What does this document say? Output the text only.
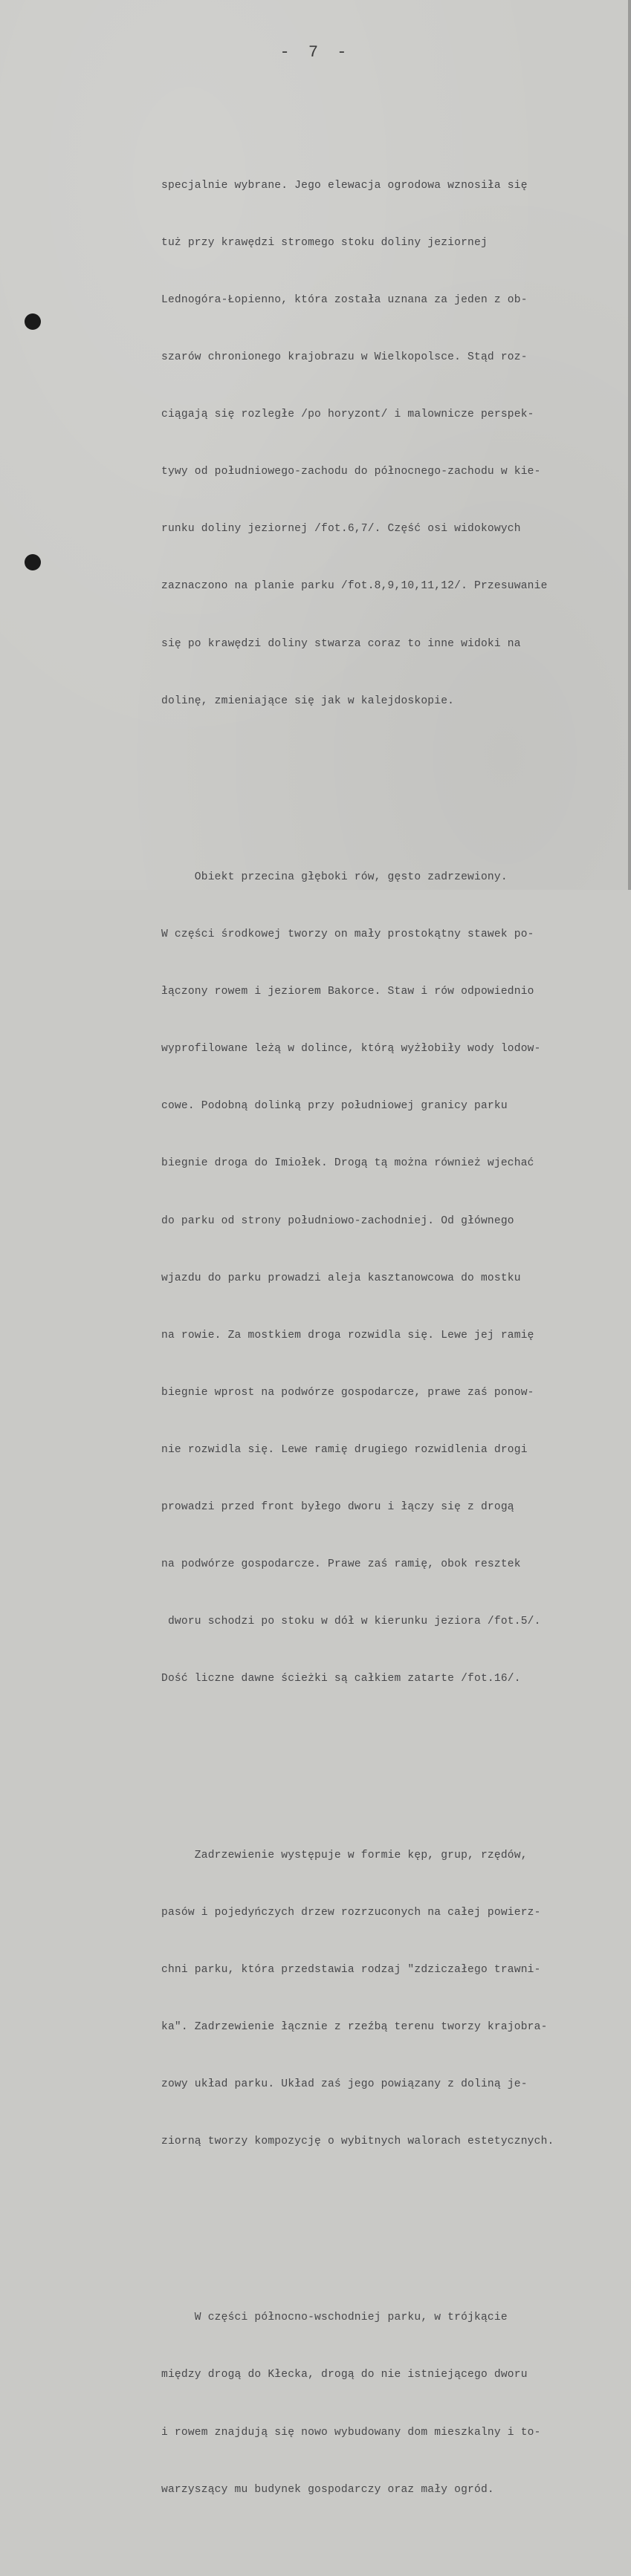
- 7 -

specjalnie wybrane. Jego elewacja ogrodowa wznosiła się

tuż przy krawędzi stromego stoku doliny jeziornej

Lednogóra-Łopienno, która została uznana za jeden z ob-

szarów chronionego krajobrazu w Wielkopolsce. Stąd roz-

ciągają się rozległe /po horyzont/ i malownicze perspek-

tywy od południowego-zachodu do północnego-zachodu w kie-

runku doliny jeziornej /fot.6,7/. Część osi widokowych

zaznaczono na planie parku /fot.8,9,10,11,12/. Przesuwanie

się po krawędzi doliny stwarza coraz to inne widoki na

dolinę, zmieniające się jak w kalejdoskopie.

Obiekt przecina głęboki rów, gęsto zadrzewiony.

W części środkowej tworzy on mały prostokątny stawek po-

łączony rowem i jeziorem Bakorce. Staw i rów odpowiednio

wyprofilowane leżą w dolince, którą wyżłobiły wody lodow-

cowe. Podobną dolinką przy południowej granicy parku

biegnie droga do Imiołek. Drogą tą można również wjechać

do parku od strony południowo-zachodniej. Od głównego

wjazdu do parku prowadzi aleja kasztanowcowa do mostku

na rowie. Za mostkiem droga rozwidla się. Lewe jej ramię

biegnie wprost na podwórze gospodarcze, prawe zaś ponow-

nie rozwidla się. Lewe ramię drugiego rozwidlenia drogi

prowadzi przed front byłego dworu i łączy się z drogą

na podwórze gospodarcze. Prawe zaś ramię, obok resztek

dworu schodzi po stoku w dół w kierunku jeziora /fot.5/.

Dość liczne dawne ścieżki są całkiem zatarte /fot.16/.

Zadrzewienie występuje w formie kęp, grup, rzędów,

pasów i pojedyńczych drzew rozrzuconych na całej powierz-

chni parku, która przedstawia rodzaj "zdziczałego trawni-

ka". Zadrzewienie łącznie z rzeźbą terenu tworzy krajobra-

zowy układ parku. Układ zaś jego powiązany z doliną je-

ziorną tworzy kompozycję o wybitnych walorach estetycznych.

W części północno-wschodniej parku, w trójkącie

między drogą do Kłecka, drogą do nie istniejącego dworu

i rowem znajdują się nowo wybudowany dom mieszkalny i to-

warzyszący mu budynek gospodarczy oraz mały ogród.
